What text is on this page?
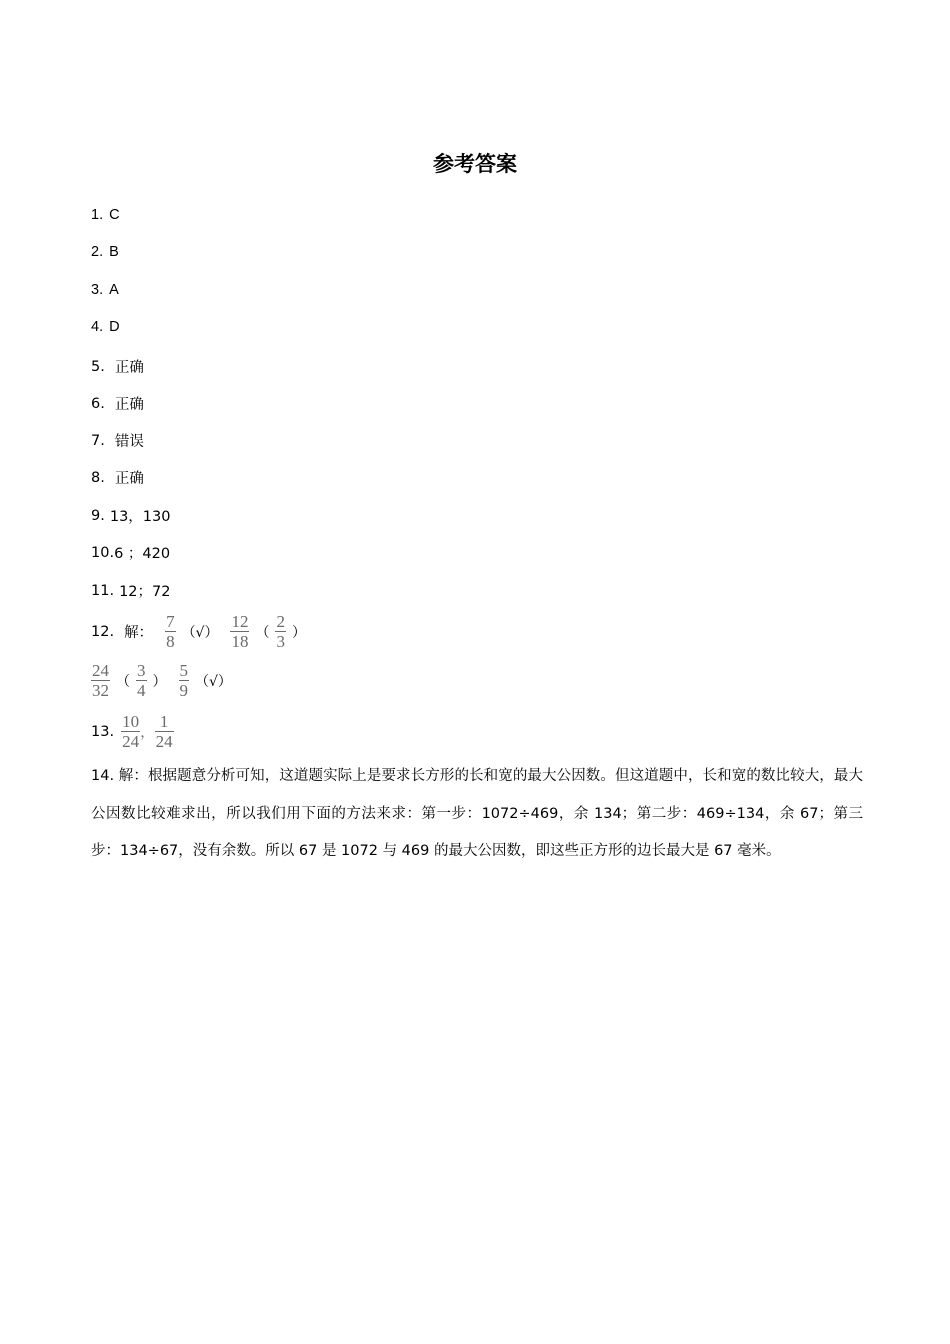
参考答案
1. C
2. B
3. A
4. D
5. 正确
6. 正确
7. 错误
8. 正确
9. 13，130
10. 6 ；420
11. 12；72
12. 解： $\frac{7}{8}$ （√） $\frac{12}{18}$ （ $\frac{2}{3}$ ）
$\frac{24}{32}$ （ $\frac{3}{4}$ ） $\frac{5}{9}$ （√）
13. $\frac{10}{24}$ ， $\frac{1}{24}$
14. 解：根据题意分析可知，这道题实际上是要求长方形的长和宽的最大公因数。但这道题中，长和宽的数比较大，最大公因数比较难求出，所以我们用下面的方法来求：第一步：1072÷469，余 134；第二步：469÷134，余 67；第三步：134÷67，没有余数。所以 67 是 1072 与 469 的最大公因数，即这些正方形的边长最大是 67 毫米。
